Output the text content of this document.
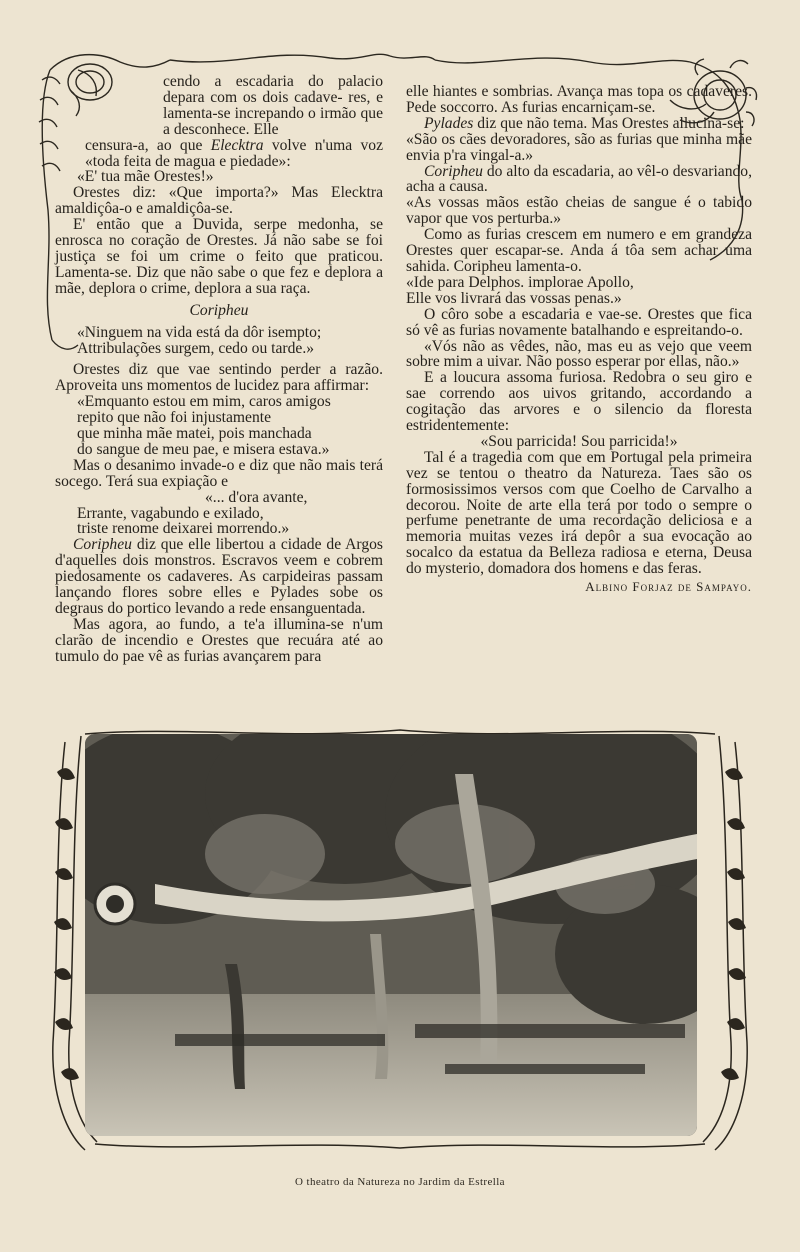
cendo a escadaria do palacio depara com os dois cadave- res, e lamenta-se increpando o irmão que a desconhece. Elle

censura-a, ao que Elecktra volve n'uma voz «toda feita de magua e piedade»:

«E' tua mãe Orestes!»

Orestes diz: «Que importa?» Mas Elecktra amaldiçôa-o e amaldiçôa-se.

E' então que a Duvida, serpe medonha, se enrosca no coração de Orestes. Já não sabe se foi justiça se foi um crime o feito que praticou. Lamenta-se. Diz que não sabe o que fez e deplora a mãe, deplora o crime, deplora a sua raça.

Coripheu

«Ninguem na vida está da dôr isempto;

Attribulações surgem, cedo ou tarde.»

Orestes diz que vae sentindo perder a razão. Aproveita uns momentos de lucidez para affirmar:

«Emquanto estou em mim, caros amigos

repito que não foi injustamente

que minha mãe matei, pois manchada

do sangue de meu pae, e misera estava.»

Mas o desanimo invade-o e diz que não mais terá socego. Terá sua expiação e

«... d'ora avante,

Errante, vagabundo e exilado,

triste renome deixarei morrendo.»

Coripheu diz que elle libertou a cidade de Argos d'aquelles dois monstros. Escravos veem e cobrem piedosamente os cadaveres. As carpideiras passam lançando flores sobre elles e Pylades sobe os degraus do portico levando a rede ensanguentada.

Mas agora, ao fundo, a te'a illumina-se n'um clarão de incendio e Orestes que recuára até ao tumulo do pae vê as furias avançarem para

elle hiantes e sombrias. Avança mas topa os cadaveres. Pede soccorro. As furias encarniçam-se.

Pylades diz que não tema. Mas Orestes allucina-se:

«São os cães devoradores, são as furias que minha mãe envia p'ra vingal-a.»

Coripheu do alto da escadaria, ao vêl-o desvariando, acha a causa.

«As vossas mãos estão cheias de sangue é o tabido vapor que vos perturba.»

Como as furias crescem em numero e em grandeza Orestes quer escapar-se. Anda á tôa sem achar uma sahida. Coripheu lamenta-o.

«Ide para Delphos. implorae Apollo,

Elle vos livrará das vossas penas.»

O côro sobe a escadaria e vae-se. Orestes que fica só vê as furias novamente batalhando e espreitando-o.

«Vós não as vêdes, não, mas eu as vejo que veem sobre mim a uivar. Não posso esperar por ellas, não.»

E a loucura assoma furiosa. Redobra o seu giro e sae correndo aos uivos gritando, accordando a cogitação das arvores e o silencio da floresta estridentemente:

«Sou parricida! Sou parricida!»

Tal é a tragedia com que em Portugal pela primeira vez se tentou o theatro da Natureza. Taes são os formosissimos versos com que Coelho de Carvalho a decorou. Noite de arte ella terá por todo o sempre o perfume penetrante de uma recordação deliciosa e a memoria muitas vezes irá depôr a sua evocação ao socalco da estatua da Belleza radiosa e eterna, Deusa do mysterio, domadora dos homens e das feras.
Albino Forjaz de Sampayo.

O theatro da Natureza no Jardim da Estrella
